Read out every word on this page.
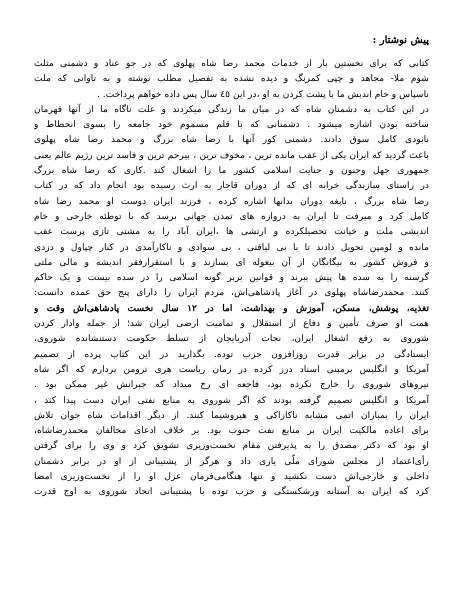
پیش نوشتار :
کتابی که برای نخستین بار از خدمات محمد رضا شاه پهلوی که در جو عناد و دشمنی مثلث
شوم ملا- مجاهد و چپی کمرنگ و دیده نشده به تفصیل مطلب نوشته و به تاوانی که ملت
ناسپاس و خام اندیش ما با پشت کردن به او ،در این ٤٥ سال پس داده خواهم پرداخت. .
در این کتاب به دشمنان شاه که در میان ما زندگی میکردند و علت ناگاه ما از آنها قهرمان
ساخته بودن اشاره میشود . دشمنانی که با قلم مسموم خود جامعه را بسوی انحطاط و
نابودی کامل سوق دادند. دشمنی کور آنها با رضا شاه بزرگ و محمد رضا شاه پهلوی
باعث گردید که ایران یکی از عقب مانده ترین ، مخوف ترین ، بیرحم ترین و فاسد ترین رژیم عالم یعنی
جمهوری جهل وجنون و جنایت اسلامی کشور ما را اشغال کند .کاری که رضا شاه بزرگ
در راستای سازندگی خرابه ای که از دوران قاجار به ارث رسیده بود انجام داد که در کتاب
رضا شاه بزرگ ، نابغه دوران بدانها اشاره کرده ، فرزند ایران دوست او محمد رضا شاه
کامل کرد و میرفت تا ایران به دروازه های تمدن جهانی برسد که با توطئه خارجی و خام
اندیشی ملت و خیانت تحصیلکرده و ارتشی ها ،ایران آباد را به مشتی تازی پرست عقب
مانده و لومپن تحویل دادند تا با بی لیاقتی ، بی سوادی و ناکارآمدی در کنار چپاول و دزدی
و فروش کشور به بیگانگان از آن بیغوله ای بسازند و با استقرارفقر اندیشه و مالی ملتی
گرسنه را به سده ها پیش ببرند و قوانین بربر گونه اسلامی را در سده بیست و یک حاکم
کنند. محمدرضاشاه پهلوی در آغاز پادشاهی‌اش، مردم ایران را دارای پنج حق عمده دانست:
تغذیه، پوشش، مسکن، آموزش و بهداشت. اما در ۱۲ سال نخست پادشاهی‌اش وقت و
همت او صرف تأمین و دفاع از استقلال و تمامیت ارضی ایران شد؛ از جمله وادار کردن
شوروی به رفع اشغال ایران، نجات آذربایجان از تسلط حکومت دستنشانده شوروی،
ایستادگی در برابر قدرت روزافزون حزب توده. بگذارید در این کتاب پرده از تصمیم
آمریکا و انگلیس برمبنی اسناد درز کرده در زمان ریاست هری ترومن بردارم که اگر شاه
نیروهای شوروی را خارج نکرده بود، فاجعه ای رخ میداد که جبرانش غیر ممکن بود .
آمریکا و انگلیس تصمیم گرفته بودند که اگر شوروی به منابع نفتی ایران دست پیدا کند ،
ایران را بمباران اتمی مشابه ناکازاکی و هیروشیما کنند. از دیگر اقدامات شاه جوان تلاش
برای اعاده مالکیت ایران بر منابع نفت جنوب بود. بر خلاف ادعای مخالفان محمدرضاشاه،
او بود که دکتر مصدق را به پذیرفتن مقام نخست‌وزیری تشویق کرد و وی را برای گرفتن
رأی‌اعتماد از مجلس شورای ملّی یاری داد و هرگز از پشتیبانی از او در برابر دشمنان
داخلی و خارجی‌اش دست نکشید و تنها هنگامی‌فرمان عزل او را از نخست‌وزیری امضا
کرد که ایران به آستانه ورشکستگی و حزب توده با پشتیبانی اتحاد شوروی به اوج قدرت
